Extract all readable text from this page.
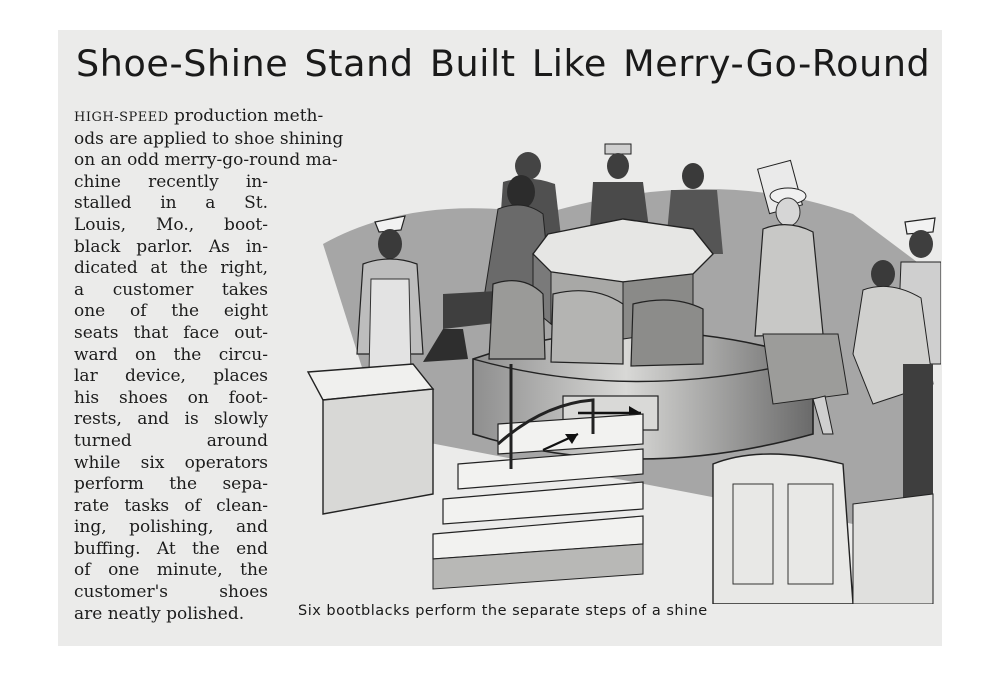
Shoe-Shine Stand Built Like Merry-Go-Round
HIGH-SPEED production meth-
ods are applied to shoe shining
on an odd merry-go-round ma-
chine recently in-
stalled in a St.
Louis, Mo., boot-
black parlor. As in-
dicated at the right,
a customer takes
one of the eight
seats that face out-
ward on the circu-
lar device, places
his shoes on foot-
rests, and is slowly
turned around
while six operators
perform the sepa-
rate tasks of clean-
ing, polishing, and
buffing. At the end
of one minute, the
customer's shoes
are neatly polished.	Six bootblacks perform the separate steps of a shine
